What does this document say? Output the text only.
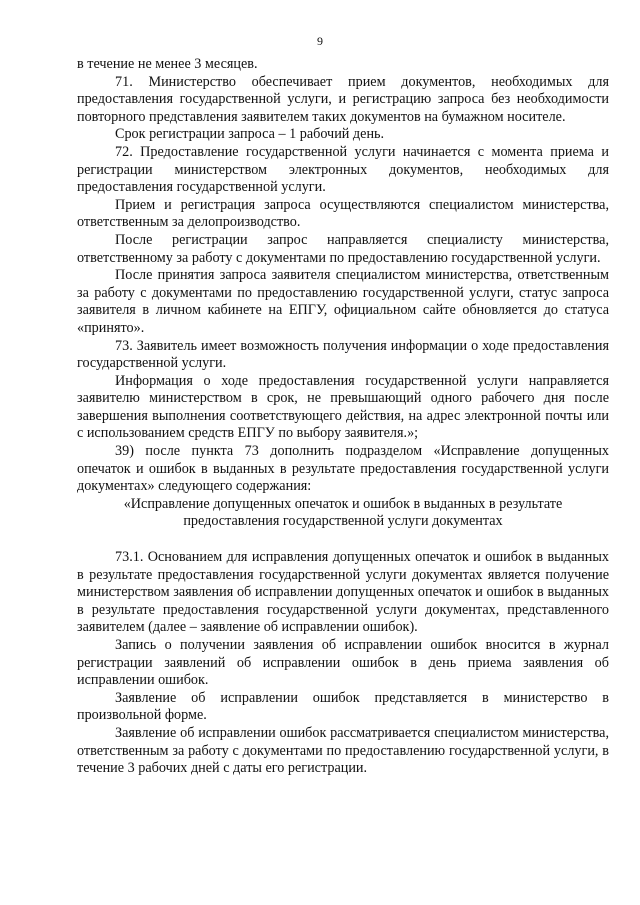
9

в течение не менее 3 месяцев.

71. Министерство обеспечивает прием документов, необходимых для предоставления государственной услуги, и регистрацию запроса без необходимости повторного представления заявителем таких документов на бумажном носителе.

Срок регистрации запроса – 1 рабочий день.

72. Предоставление государственной услуги начинается с момента приема и регистрации министерством электронных документов, необходимых для предоставления государственной услуги.

Прием и регистрация запроса осуществляются специалистом министерства, ответственным за делопроизводство.

После регистрации запрос направляется специалисту министерства, ответственному за работу с документами по предоставлению государственной услуги.

После принятия запроса заявителя специалистом министерства, ответственным за работу с документами по предоставлению государственной услуги, статус запроса заявителя в личном кабинете на ЕПГУ, официальном сайте обновляется до статуса «принято».

73. Заявитель имеет возможность получения информации о ходе предоставления государственной услуги.

Информация о ходе предоставления государственной услуги направляется заявителю министерством в срок, не превышающий одного рабочего дня после завершения выполнения соответствующего действия, на адрес электронной почты или с использованием средств ЕПГУ по выбору заявителя.»;

39) после пункта 73 дополнить подразделом «Исправление допущенных опечаток и ошибок в выданных в результате предоставления государственной услуги документах» следующего содержания:

«Исправление допущенных опечаток и ошибок в выданных в результате
предоставления государственной услуги документах

73.1. Основанием для исправления допущенных опечаток и ошибок в выданных в результате предоставления государственной услуги документах является получение министерством заявления об исправлении допущенных опечаток и ошибок в выданных в результате предоставления государственной услуги документах, представленного заявителем (далее – заявление об исправлении ошибок).

Запись о получении заявления об исправлении ошибок вносится в журнал регистрации заявлений об исправлении ошибок в день приема заявления об исправлении ошибок.

Заявление об исправлении ошибок представляется в министерство в произвольной форме.

Заявление об исправлении ошибок рассматривается специалистом министерства, ответственным за работу с документами по предоставлению государственной услуги, в течение 3 рабочих дней с даты его регистрации.
